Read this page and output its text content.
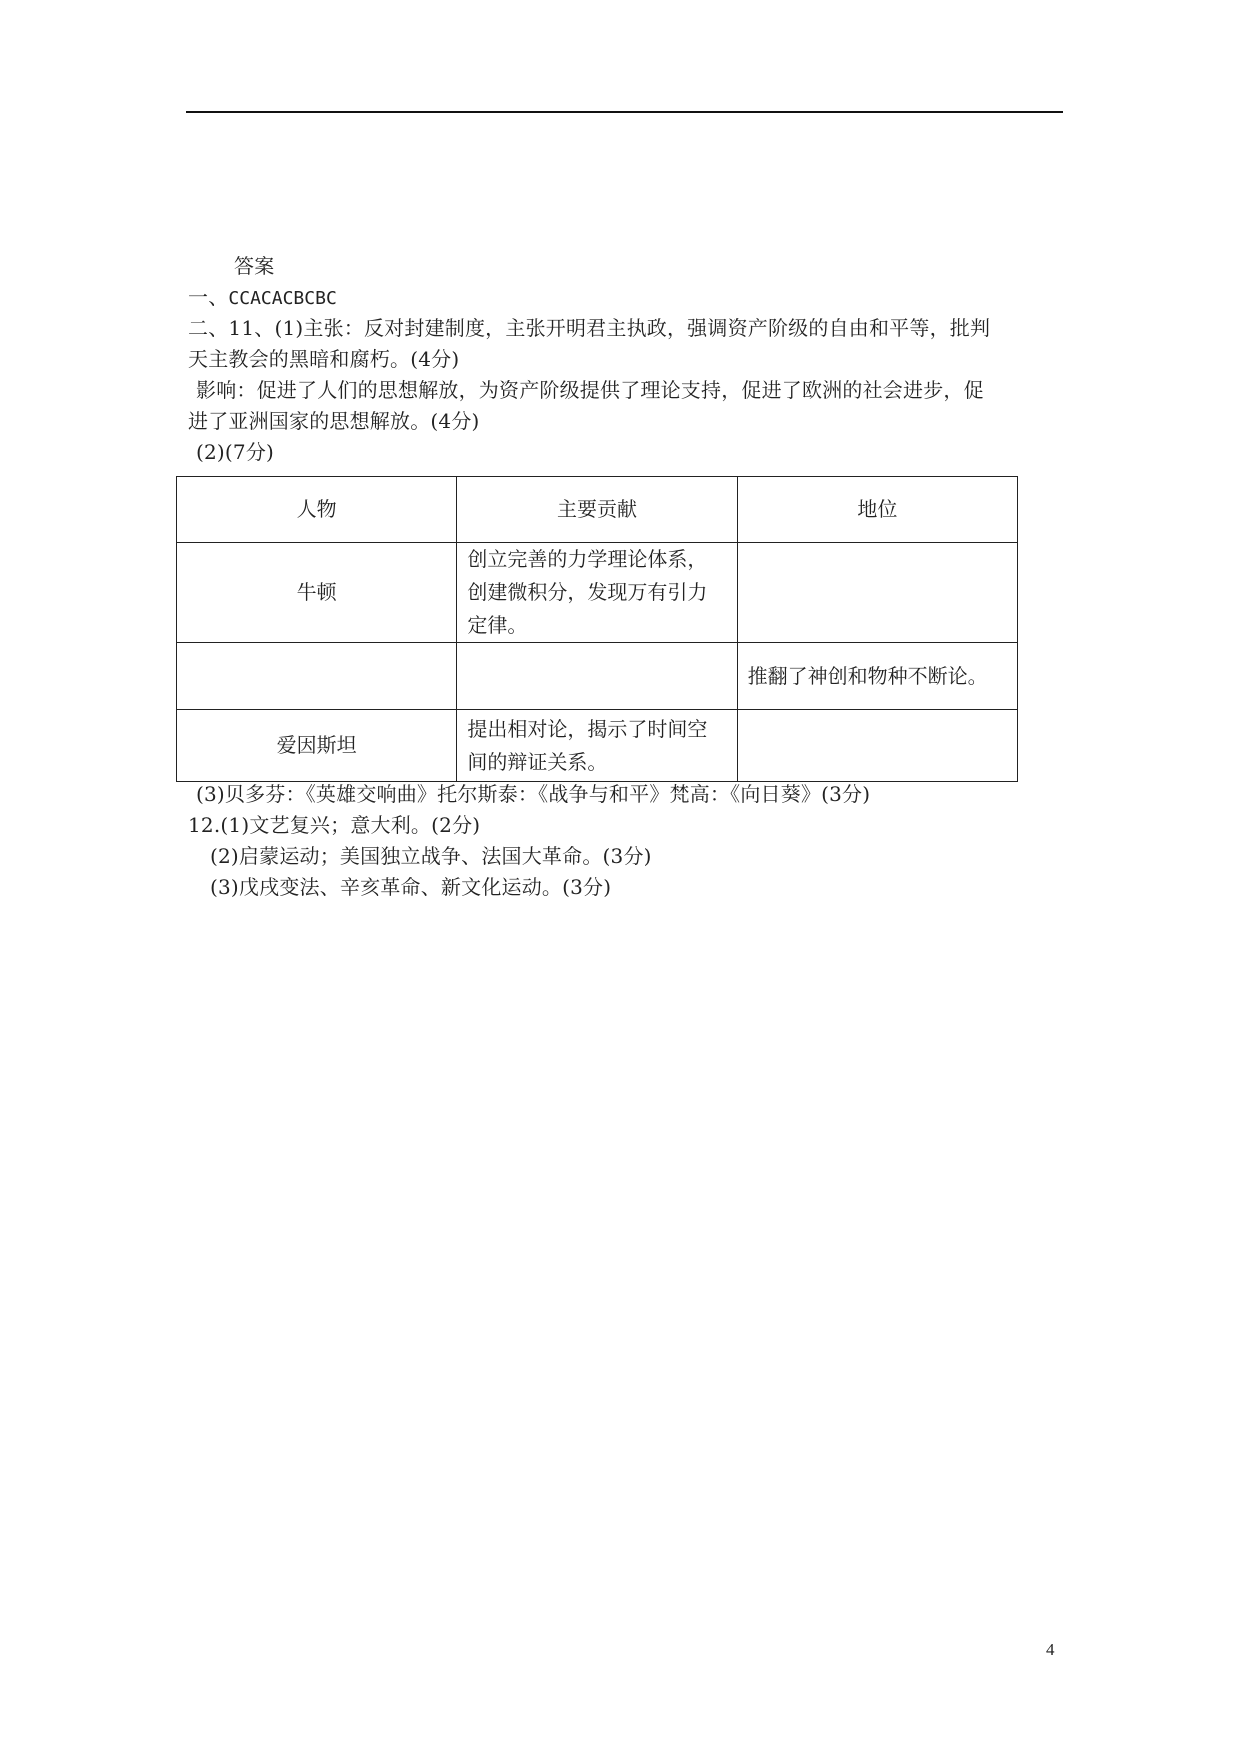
答案
一、CCACACBCBC
二、11、(1)主张：反对封建制度，主张开明君主执政，强调资产阶级的自由和平等，批判
天主教会的黑暗和腐朽。(4分)
影响：促进了人们的思想解放，为资产阶级提供了理论支持，促进了欧洲的社会进步，促
进了亚洲国家的思想解放。(4分)
(2)(7分)
人物	主要贡献	地位
牛顿	创立完善的力学理论体系，创建微积分，发现万有引力定律。	
		推翻了神创和物种不断论。
爱因斯坦	提出相对论，揭示了时间空间的辩证关系。	
(3)贝多芬：《英雄交响曲》托尔斯泰：《战争与和平》梵高：《向日葵》(3分)
12.(1)文艺复兴；意大利。(2分)
(2)启蒙运动；美国独立战争、法国大革命。(3分)
(3)戊戌变法、辛亥革命、新文化运动。(3分)
4
